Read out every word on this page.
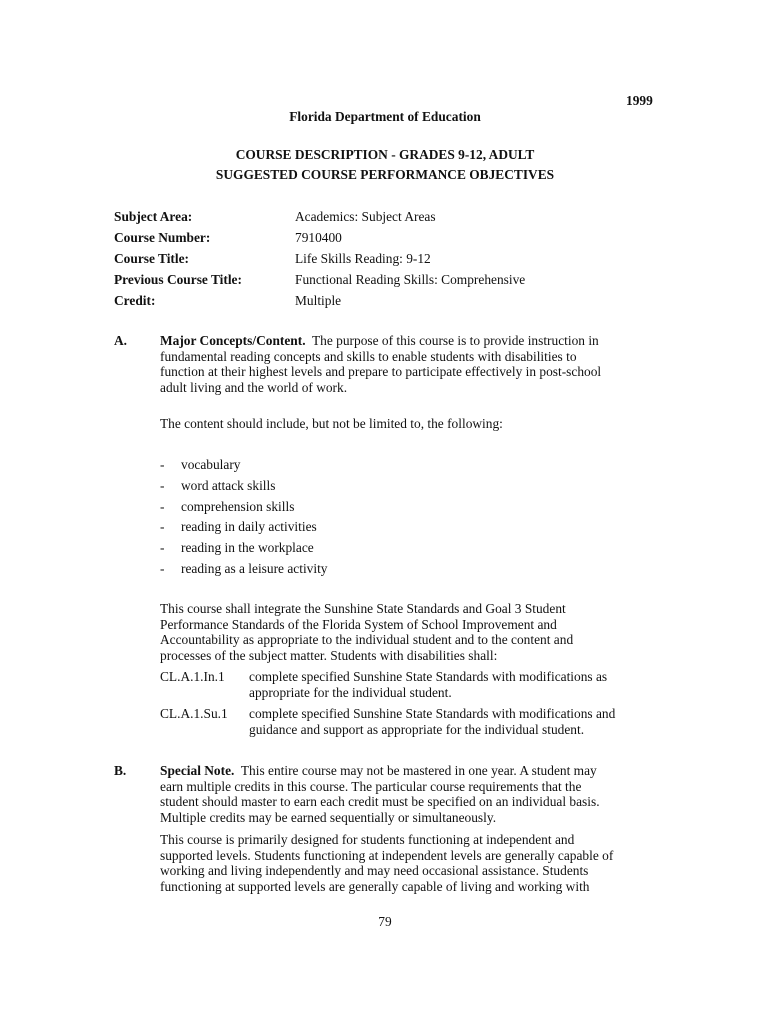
1999
Florida Department of Education
COURSE DESCRIPTION - GRADES 9-12, ADULT
SUGGESTED COURSE PERFORMANCE OBJECTIVES
Subject Area:	Academics: Subject Areas
Course Number:	7910400
Course Title:	Life Skills Reading: 9-12
Previous Course Title:	Functional Reading Skills: Comprehensive
Credit:	Multiple
A. Major Concepts/Content.  The purpose of this course is to provide instruction in
fundamental reading concepts and skills to enable students with disabilities to
function at their highest levels and prepare to participate effectively in post-school
adult living and the world of work.
The content should include, but not be limited to, the following:
- vocabulary
- word attack skills
- comprehension skills
- reading in daily activities
- reading in the workplace
- reading as a leisure activity
This course shall integrate the Sunshine State Standards and Goal 3 Student
Performance Standards of the Florida System of School Improvement and
Accountability as appropriate to the individual student and to the content and
processes of the subject matter. Students with disabilities shall:
CL.A.1.In.1 complete specified Sunshine State Standards with modifications as
appropriate for the individual student.
CL.A.1.Su.1 complete specified Sunshine State Standards with modifications and
guidance and support as appropriate for the individual student.
B.	Special Note.  This entire course may not be mastered in one year. A student may
earn multiple credits in this course. The particular course requirements that the
student should master to earn each credit must be specified on an individual basis.
Multiple credits may be earned sequentially or simultaneously.
This course is primarily designed for students functioning at independent and
supported levels. Students functioning at independent levels are generally capable of
working and living independently and may need occasional assistance. Students
functioning at supported levels are generally capable of living and working with
79
